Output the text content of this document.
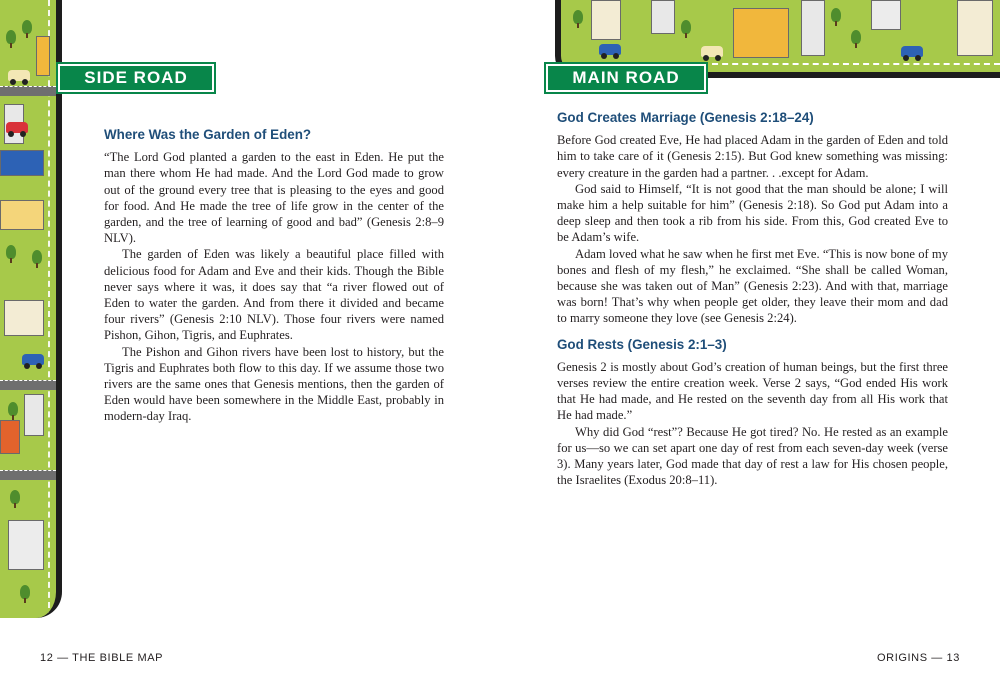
SIDE ROAD	MAIN ROAD
Where Was the Garden of Eden?

“The Lord God planted a garden to the east in Eden. He put the man there whom He had made. And the Lord God made to grow out of the ground every tree that is pleasing to the eyes and good for food. And He made the tree of life grow in the center of the garden, and the tree of learning of good and bad” (Genesis 2:8–9 NLV).

The garden of Eden was likely a beautiful place filled with delicious food for Adam and Eve and their kids. Though the Bible never says where it was, it does say that “a river flowed out of Eden to water the garden. And from there it divided and became four rivers” (Genesis 2:10 NLV). Those four rivers were named Pishon, Gihon, Tigris, and Euphrates.

The Pishon and Gihon rivers have been lost to history, but the Tigris and Euphrates both flow to this day. If we assume those two rivers are the same ones that Genesis mentions, then the garden of Eden would have been somewhere in the Middle East, probably in modern-day Iraq.

God Creates Marriage (Genesis 2:18–24)

Before God created Eve, He had placed Adam in the garden of Eden and told him to take care of it (Genesis 2:15). But God knew something was missing: every creature in the garden had a partner. . .except for Adam.

God said to Himself, “It is not good that the man should be alone; I will make him a help suitable for him” (Genesis 2:18). So God put Adam into a deep sleep and then took a rib from his side. From this, God created Eve to be Adam’s wife.

Adam loved what he saw when he first met Eve. “This is now bone of my bones and flesh of my flesh,” he exclaimed. “She shall be called Woman, because she was taken out of Man” (Genesis 2:23). And with that, marriage was born! That’s why when people get older, they leave their mom and dad to marry someone they love (see Genesis 2:24).

God Rests (Genesis 2:1–3)

Genesis 2 is mostly about God’s creation of human beings, but the first three verses review the entire creation week. Verse 2 says, “God ended His work that He had made, and He rested on the seventh day from all His work that He had made.”

Why did God “rest”? Because He got tired? No. He rested as an example for us—so we can set apart one day of rest from each seven-day week (verse 3). Many years later, God made that day of rest a law for His chosen people, the Israelites (Exodus 20:8–11).

12 — THE BIBLE MAP	ORIGINS — 13
